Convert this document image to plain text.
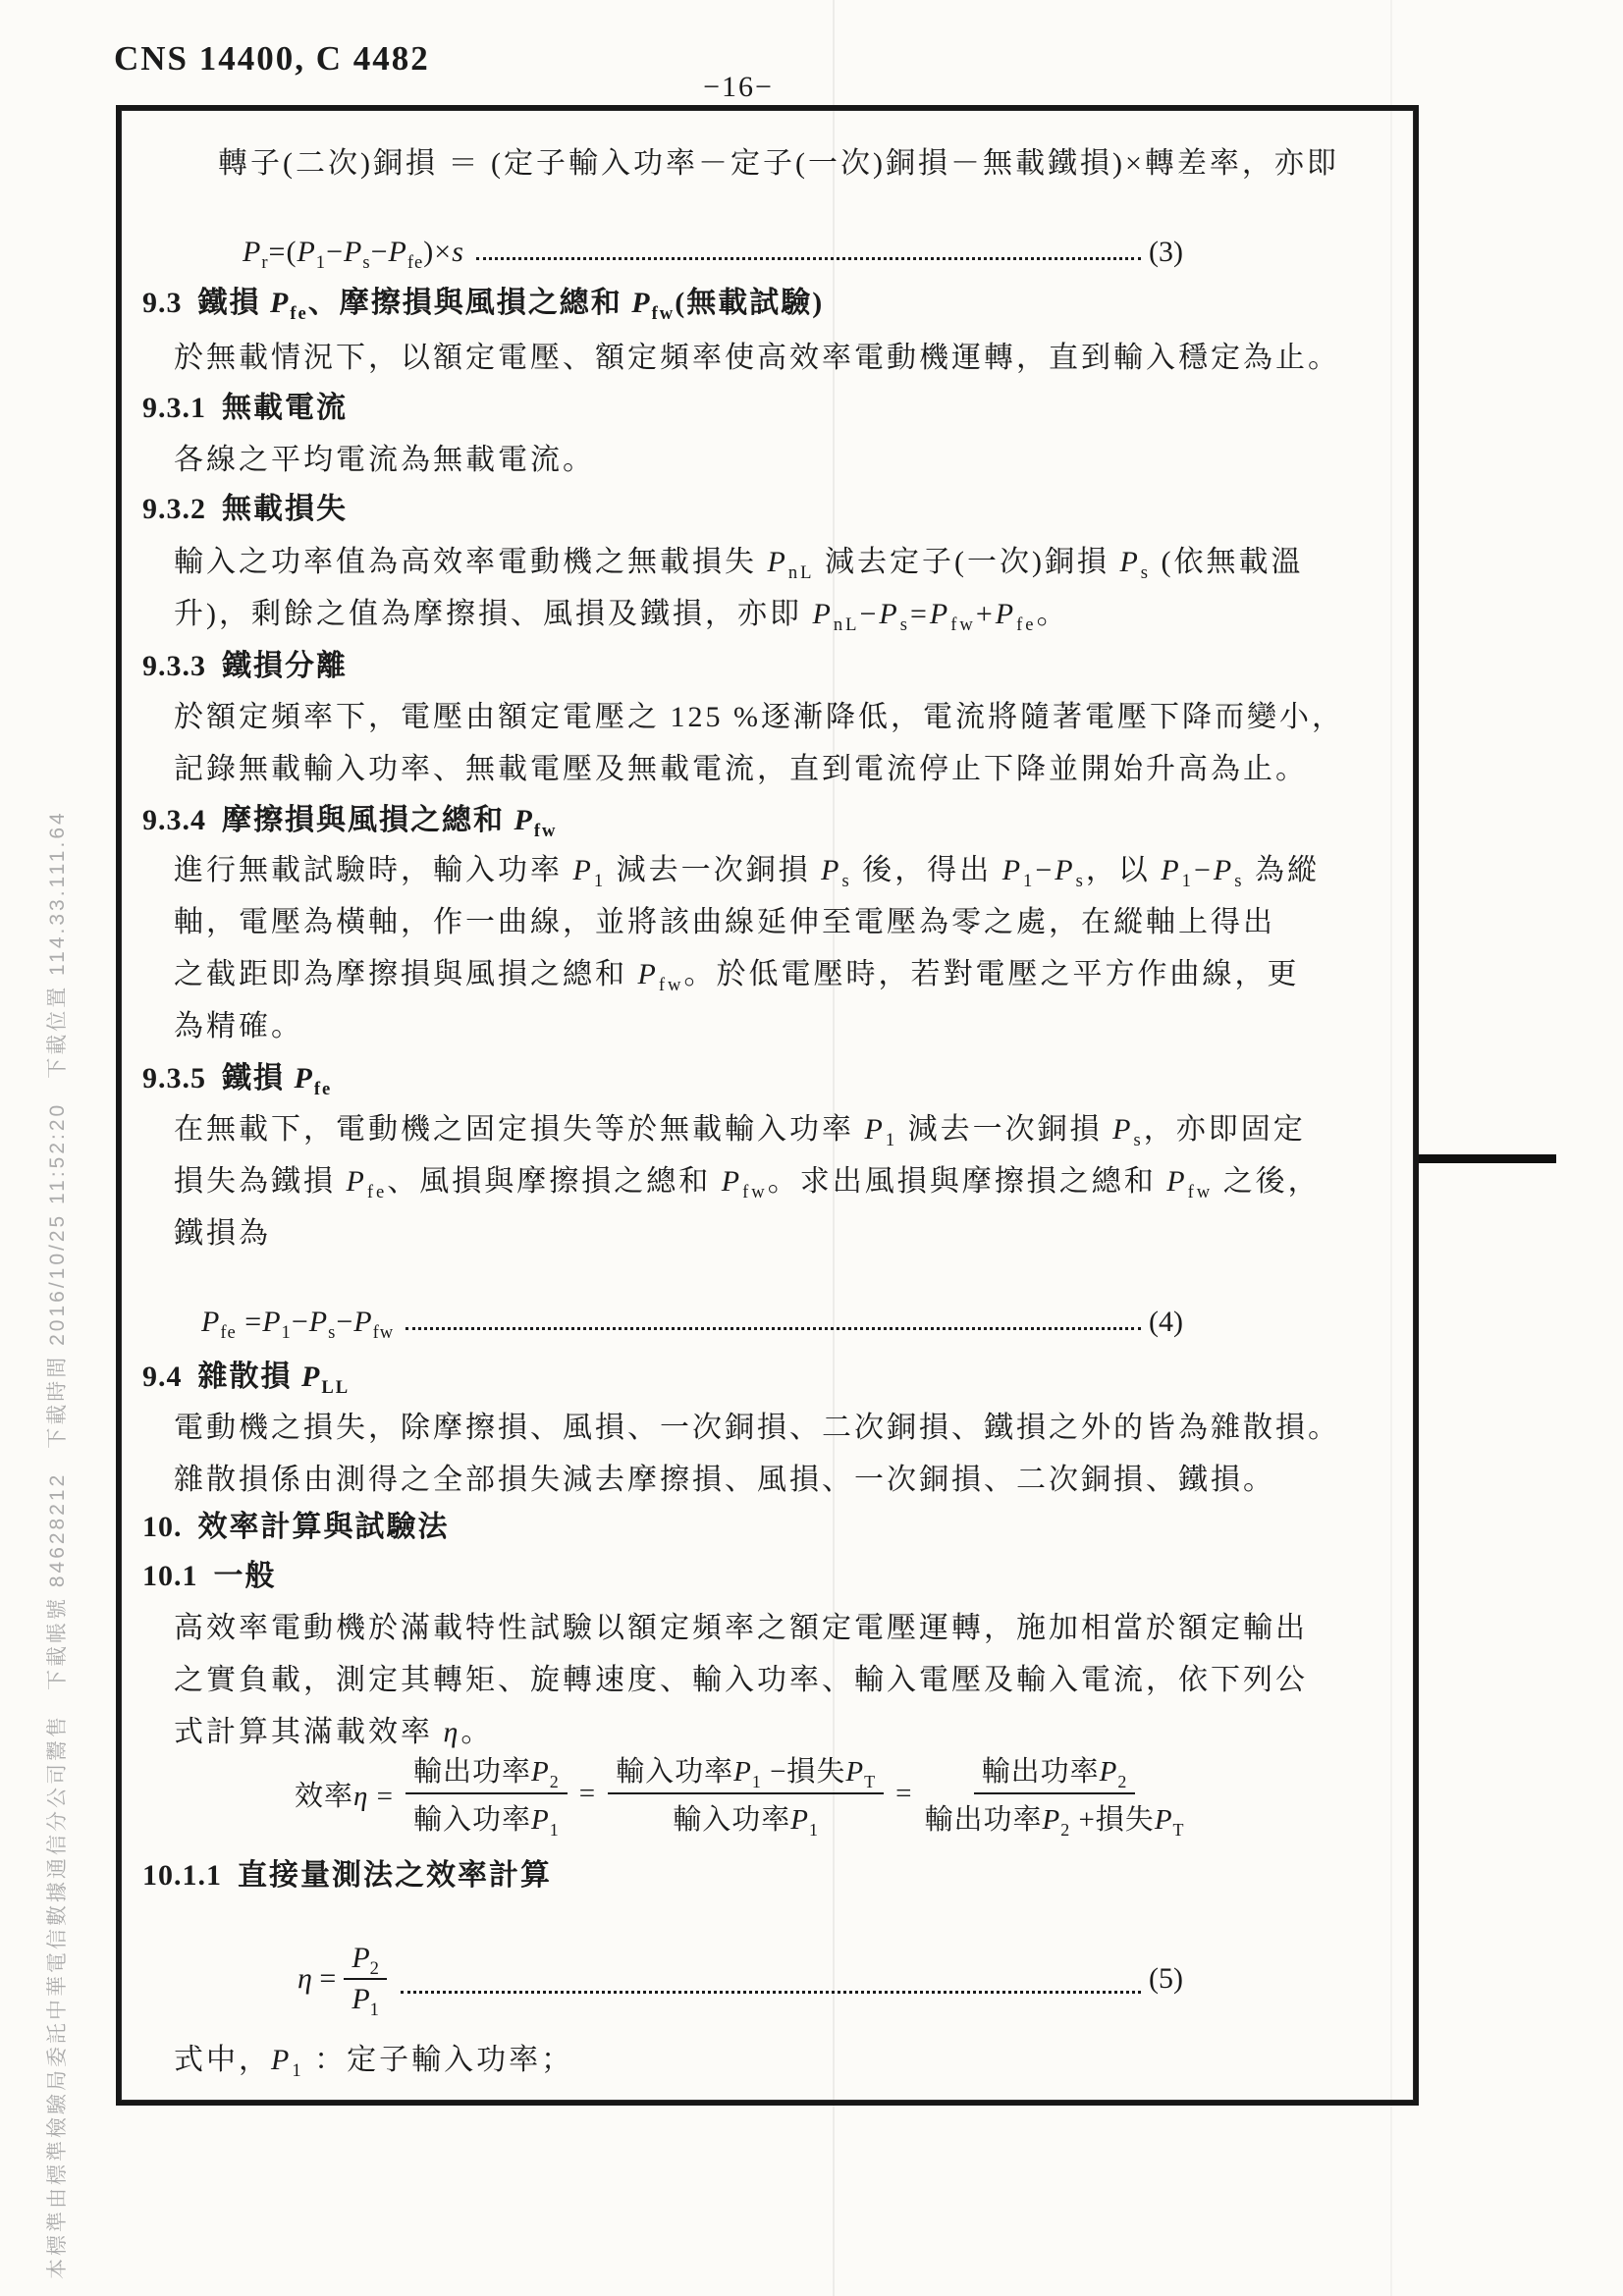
CNS 14400, C 4482
−16−
本標準由標準檢驗局委託中華電信數據通信分公司鬻售　下載帳號 84628212　下載時間 2016/10/25 11:52:20　下載位置 114.33.111.64
轉子(二次)銅損 ＝ (定子輸入功率－定子(一次)銅損－無載鐵損)×轉差率，亦即
$P_r=(P_1-P_s-P_{fe})\times s$	(3)
9.3 鐵損 $P_{fe}$、摩擦損與風損之總和 $P_{fw}$(無載試驗)
於無載情況下，以額定電壓、額定頻率使高效率電動機運轉，直到輸入穩定為止。
9.3.1 無載電流
各線之平均電流為無載電流。
9.3.2 無載損失
輸入之功率值為高效率電動機之無載損失 $P_{nL}$ 減去定子(一次)銅損 $P_s$ (依無載溫
升)，剩餘之值為摩擦損、風損及鐵損，亦即 $P_{nL}-P_s=P_{fw}+P_{fe}$。
9.3.3 鐵損分離
於額定頻率下，電壓由額定電壓之 125 %逐漸降低，電流將隨著電壓下降而變小，
記錄無載輸入功率、無載電壓及無載電流，直到電流停止下降並開始升高為止。
9.3.4 摩擦損與風損之總和 $P_{fw}$
進行無載試驗時，輸入功率 $P_1$ 減去一次銅損 $P_s$ 後，得出 $P_1-P_s$，以 $P_1-P_s$ 為縱
軸，電壓為橫軸，作一曲線，並將該曲線延伸至電壓為零之處，在縱軸上得出
之截距即為摩擦損與風損之總和 $P_{fw}$。於低電壓時，若對電壓之平方作曲線，更
為精確。
9.3.5 鐵損 $P_{fe}$
在無載下，電動機之固定損失等於無載輸入功率 $P_1$ 減去一次銅損 $P_s$，亦即固定
損失為鐵損 $P_{fe}$、風損與摩擦損之總和 $P_{fw}$。求出風損與摩擦損之總和 $P_{fw}$ 之後，
鐵損為
$P_{fe} =P_1-P_s-P_{fw}$	(4)
9.4 雜散損 $P_{LL}$
電動機之損失，除摩擦損、風損、一次銅損、二次銅損、鐵損之外的皆為雜散損。
雜散損係由測得之全部損失減去摩擦損、風損、一次銅損、二次銅損、鐵損。
10. 效率計算與試驗法
10.1 一般
高效率電動機於滿載特性試驗以額定頻率之額定電壓運轉，施加相當於額定輸出
之實負載，測定其轉矩、旋轉速度、輸入功率、輸入電壓及輸入電流，依下列公
式計算其滿載效率 η。
效率η =
輸出功率$P_2$
輸入功率$P_1$
=
輸入功率$P_1$ −損失$P_T$
輸入功率$P_1$
=
輸出功率$P_2$
輸出功率$P_2$ +損失$P_T$
10.1.1 直接量測法之效率計算
$\eta = \frac{P_2}{P_1}$	(5)
式中，$P_1$ ：定子輸入功率；
